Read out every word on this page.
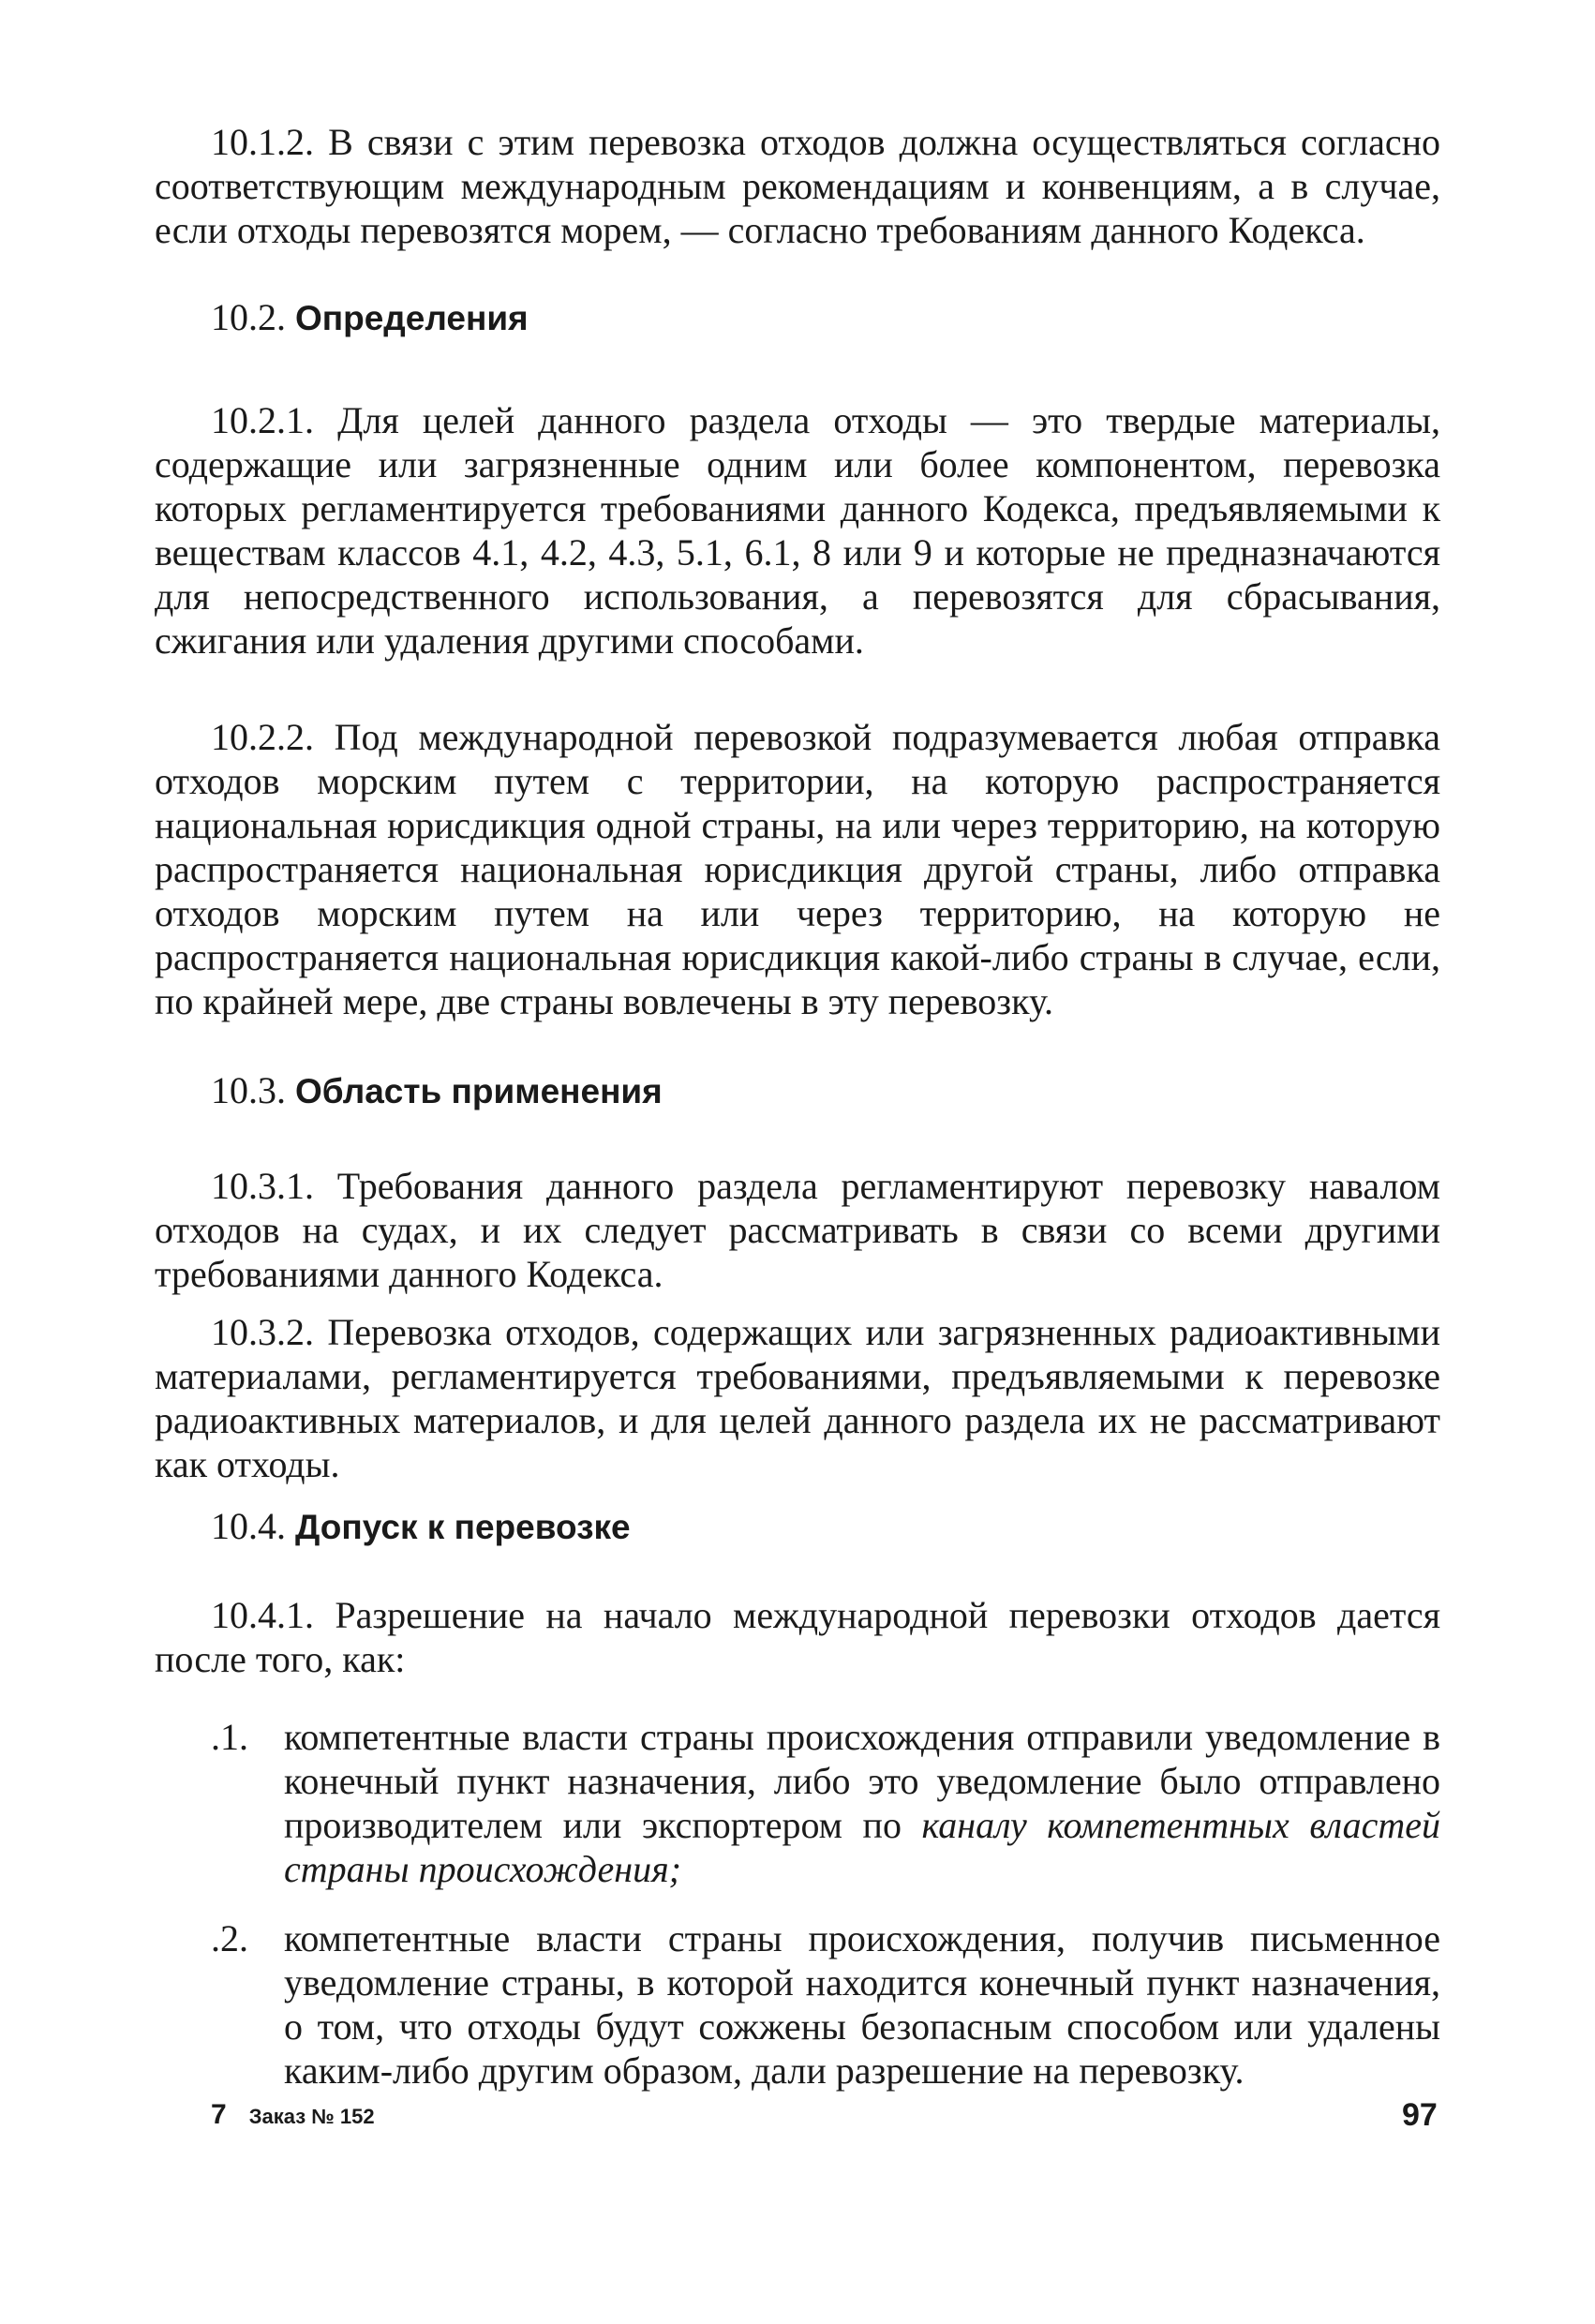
10.1.2. В связи с этим перевозка отходов должна осуществляться согласно соответствующим международным рекомендациям и конвенциям, а в случае, если отходы перевозятся морем, — согласно требованиям данного Кодекса.

10.2. Определения

10.2.1. Для целей данного раздела отходы — это твердые материалы, содержащие или загрязненные одним или более компонентом, перевозка которых регламентируется требованиями данного Кодекса, предъявляемыми к веществам классов 4.1, 4.2, 4.3, 5.1, 6.1, 8 или 9 и которые не предназначаются для непосредственного использования, а перевозятся для сбрасывания, сжигания или удаления другими способами.

10.2.2. Под международной перевозкой подразумевается любая отправка отходов морским путем с территории, на которую распространяется национальная юрисдикция одной страны, на или через территорию, на которую распространяется национальная юрисдикция другой страны, либо отправка отходов морским путем на или через территорию, на которую не распространяется национальная юрисдикция какой-либо страны в случае, если, по крайней мере, две страны вовлечены в эту перевозку.

10.3. Область применения

10.3.1. Требования данного раздела регламентируют перевозку навалом отходов на судах, и их следует рассматривать в связи со всеми другими требованиями данного Кодекса.

10.3.2. Перевозка отходов, содержащих или загрязненных радиоактивными материалами, регламентируется требованиями, предъявляемыми к перевозке радиоактивных материалов, и для целей данного раздела их не рассматривают как отходы.

10.4. Допуск к перевозке

10.4.1. Разрешение на начало международной перевозки отходов дается после того, как:

.1. компетентные власти страны происхождения отправили уведомление в конечный пункт назначения, либо это уведомление было отправлено производителем или экспортером по каналу компетентных властей страны происхождения;
.2. компетентные власти страны происхождения, получив письменное уведомление страны, в которой находится конечный пункт назначения, о том, что отходы будут сожжены безопасным способом или удалены каким-либо другим образом, дали разрешение на перевозку.
7 Заказ № 152	97
